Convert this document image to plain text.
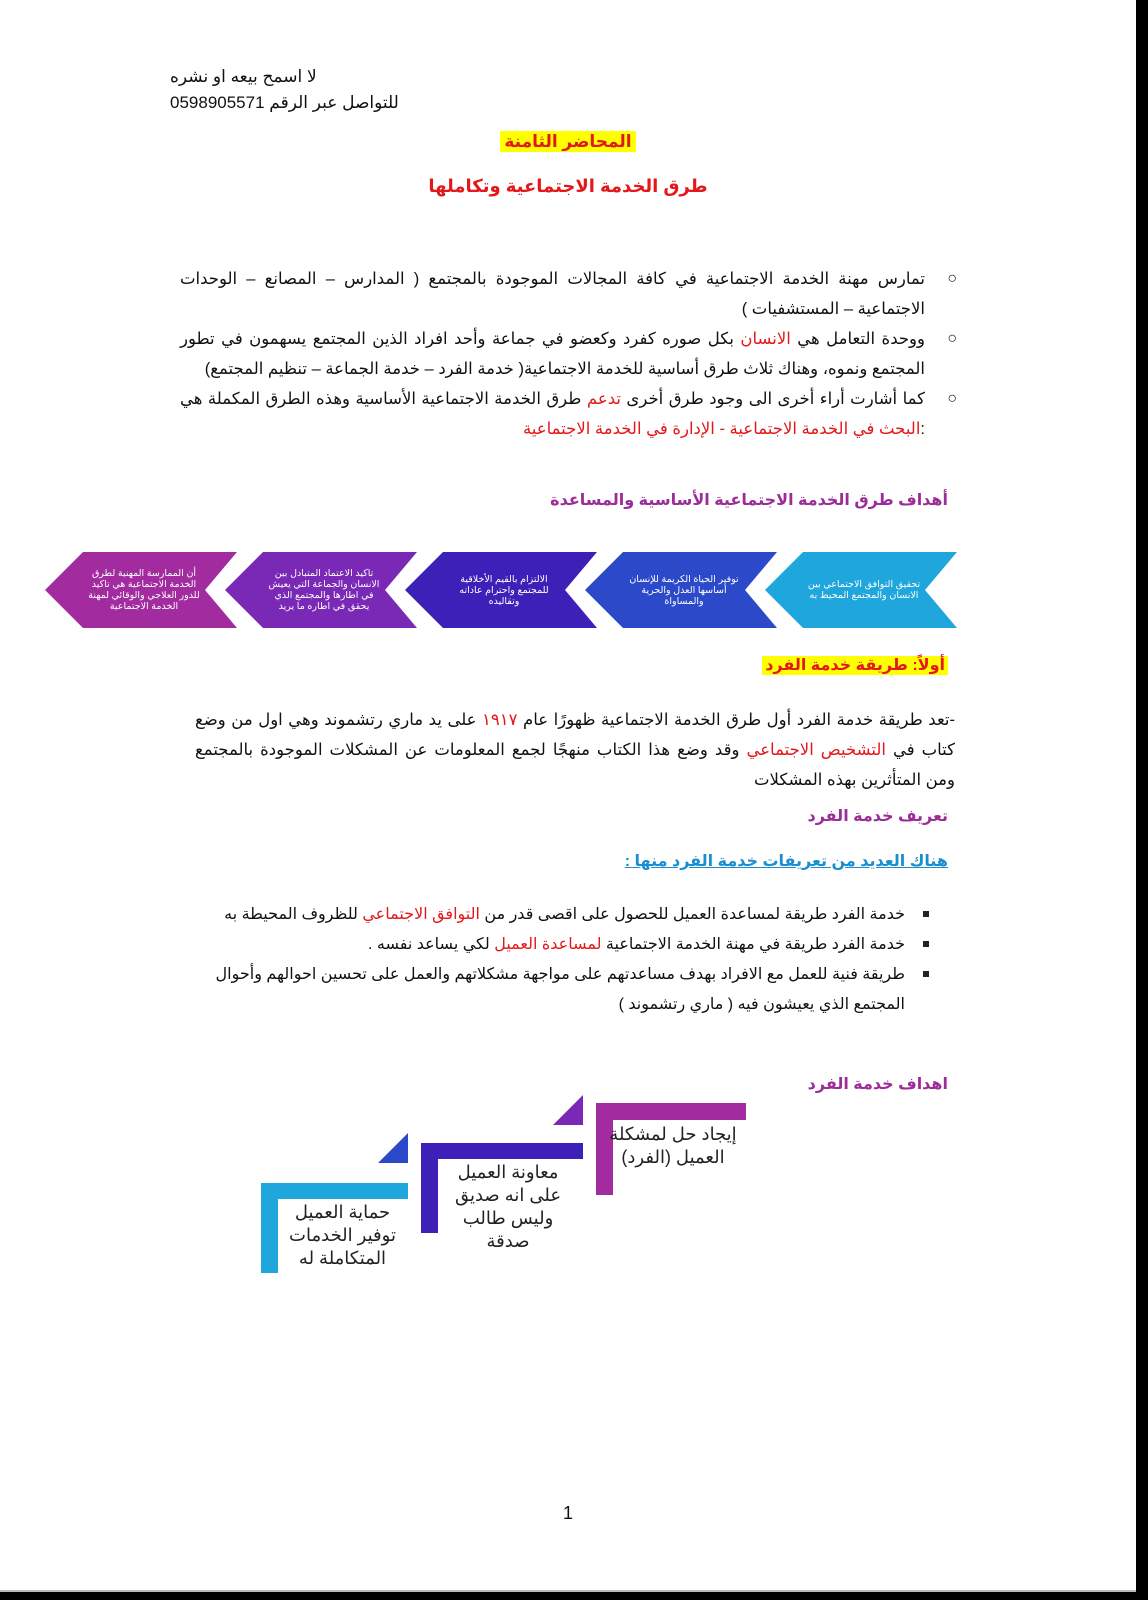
لا اسمح بيعه او نشره
0598905571 للتواصل عبر الرقم
المحاضر الثامنة
طرق الخدمة الاجتماعية وتكاملها
○
تمارس مهنة الخدمة الاجتماعية في كافة المجالات الموجودة بالمجتمع ( المدارس – المصانع – الوحدات الاجتماعية – المستشفيات )
○
ووحدة التعامل هي الانسان بكل صوره كفرد وكعضو في جماعة وأحد افراد الذين المجتمع يسهمون في تطور المجتمع ونموه، وهناك ثلاث طرق أساسية للخدمة الاجتماعية( خدمة الفرد – خدمة الجماعة – تنظيم المجتمع)
○
كما أشارت أراء أخرى الى وجود طرق أخرى تدعم طرق الخدمة الاجتماعية الأساسية وهذه الطرق المكملة هي :البحث في الخدمة الاجتماعية - الإدارة في الخدمة الاجتماعية
أهداف طرق الخدمة الاجتماعية الأساسية والمساعدة
تحقيق التوافق الاجتماعي بين الانسان والمجتمع المحيط به
توفير الحياة الكريمة للإنسان أساسها العدل والحرية والمساواة
الالتزام بالقيم الأخلاقية للمجتمع واحترام عاداته وتقاليده
تاكيد الاعتماد المتبادل بين الانسان والجماعة التي يعيش في اطارها والمجتمع الذي يحقق في اطاره ما يريد
أن الممارسة المهنية لطرق الخدمة الاجتماعية هي تاكيد للدور العلاجي والوقائي لمهنة الخدمة الاجتماعية
أولاً: طريقة خدمة الفرد
-تعد طريقة خدمة الفرد أول طرق الخدمة الاجتماعية ظهورًا عام ١٩١٧ على يد ماري رتشموند وهي اول من وضع كتاب في التشخيص الاجتماعي وقد وضع هذا الكتاب منهجًا لجمع المعلومات عن المشكلات الموجودة بالمجتمع ومن المتأثرين بهذه المشكلات
تعريف خدمة الفرد
هناك العديد من تعريفات خدمة الفرد منها :
خدمة الفرد طريقة لمساعدة العميل للحصول على اقصى قدر من التوافق الاجتماعي للظروف المحيطة به
خدمة الفرد طريقة في مهنة الخدمة الاجتماعية لمساعدة العميل لكي يساعد نفسه .
طريقة فنية للعمل مع الافراد بهدف مساعدتهم على مواجهة مشكلاتهم والعمل على تحسين احوالهم وأحوال المجتمع الذي يعيشون فيه ( ماري رتشموند )
اهداف خدمة الفرد
إيجاد حل لمشكلة العميل (الفرد)
معاونة العميل على انه صديق وليس طالب صدقة
حماية العميل توفير الخدمات المتكاملة له
1
